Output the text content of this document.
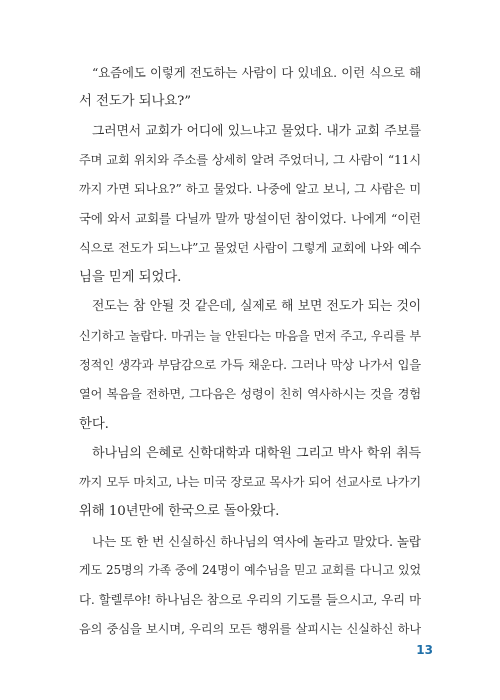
“요즘에도 이렇게 전도하는 사람이 다 있네요. 이런 식으로 해
서 전도가 되나요?”
그러면서 교회가 어디에 있느냐고 물었다. 내가 교회 주보를
주며 교회 위치와 주소를 상세히 알려 주었더니, 그 사람이 “11시
까지 가면 되나요?” 하고 물었다. 나중에 알고 보니, 그 사람은 미
국에 와서 교회를 다닐까 말까 망설이던 참이었다. 나에게 “이런
식으로 전도가 되느냐”고 물었던 사람이 그렇게 교회에 나와 예수
님을 믿게 되었다.
전도는 참 안될 것 같은데, 실제로 해 보면 전도가 되는 것이
신기하고 놀랍다. 마귀는 늘 안된다는 마음을 먼저 주고, 우리를 부
정적인 생각과 부담감으로 가득 채운다. 그러나 막상 나가서 입을
열어 복음을 전하면, 그다음은 성령이 친히 역사하시는 것을 경험
한다.
하나님의 은혜로 신학대학과 대학원 그리고 박사 학위 취득
까지 모두 마치고, 나는 미국 장로교 목사가 되어 선교사로 나가기
위해 10년만에 한국으로 돌아왔다.
나는 또 한 번 신실하신 하나님의 역사에 놀라고 말았다. 놀랍
게도 25명의 가족 중에 24명이 예수님을 믿고 교회를 다니고 있었
다. 할렐루야! 하나님은 참으로 우리의 기도를 들으시고, 우리 마
음의 중심을 보시며, 우리의 모든 행위를 살피시는 신실하신 하나
13
